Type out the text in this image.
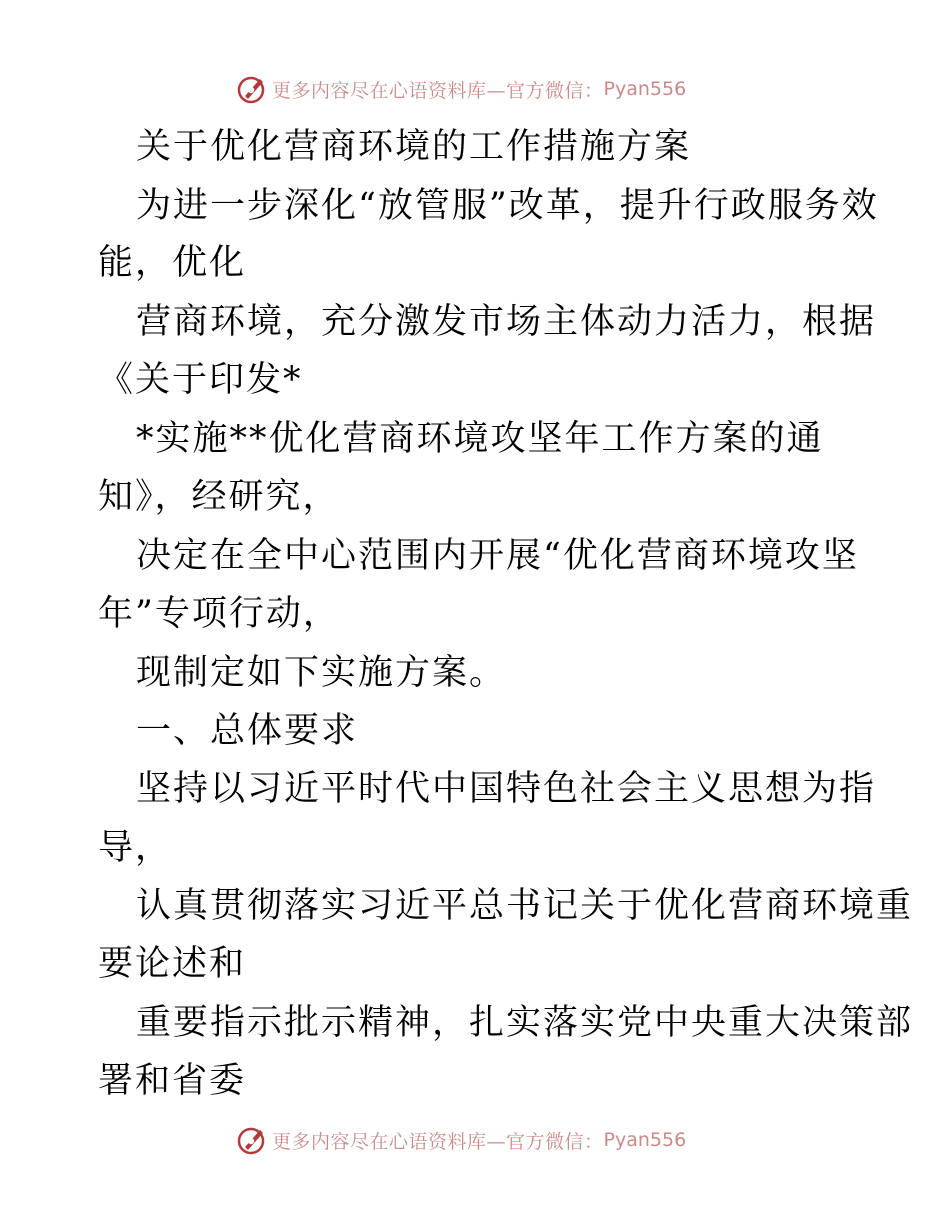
更多内容尽在心语资料库—官方微信： Pyan556
关于优化营商环境的工作措施方案
为进一步深化“放管服”改革，提升行政服务效
能，优化
营商环境，充分激发市场主体动力活力，根据
《关于印发*
*实施**优化营商环境攻坚年工作方案的通
知》，经研究，
决定在全中心范围内开展“优化营商环境攻坚
年”专项行动，
现制定如下实施方案。
一、总体要求
坚持以习近平时代中国特色社会主义思想为指
导，
认真贯彻落实习近平总书记关于优化营商环境重
要论述和
重要指示批示精神，扎实落实党中央重大决策部
署和省委
更多内容尽在心语资料库—官方微信： Pyan556
